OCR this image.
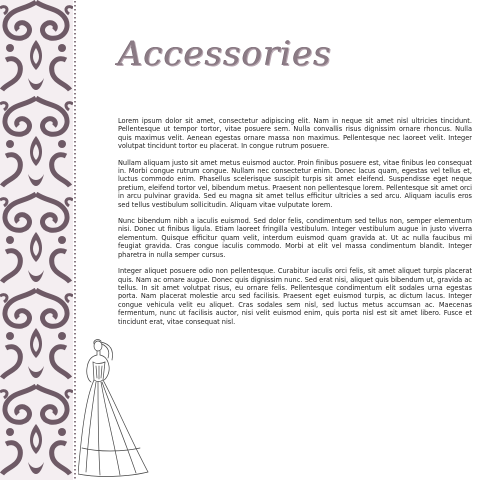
Accessories

Lorem ipsum dolor sit amet, consectetur adipiscing elit. Nam in neque sit amet nisl ultricies tincidunt. Pellentesque ut tempor tortor, vitae posuere sem. Nulla convallis risus dignissim ornare rhoncus. Nulla quis maximus velit. Aenean egestas ornare massa non maximus. Pellentesque nec laoreet velit. Integer volutpat tincidunt tortor eu placerat. In congue rutrum posuere.

Nullam aliquam justo sit amet metus euismod auctor. Proin finibus posuere est, vitae finibus leo consequat in. Morbi congue rutrum congue. Nullam nec consectetur enim. Donec lacus quam, egestas vel tellus et, luctus commodo enim. Phasellus scelerisque suscipit turpis sit amet eleifend. Suspendisse eget neque pretium, eleifend tortor vel, bibendum metus. Praesent non pellentesque lorem. Pellentesque sit amet orci in arcu pulvinar gravida. Sed eu magna sit amet tellus efficitur ultricies a sed arcu. Aliquam iaculis eros sed tellus vestibulum sollicitudin. Aliquam vitae vulputate lorem.

Nunc bibendum nibh a iaculis euismod. Sed dolor felis, condimentum sed tellus non, semper elementum nisi. Donec ut finibus ligula. Etiam laoreet fringilla vestibulum. Integer vestibulum augue in justo viverra elementum. Quisque efficitur quam velit, interdum euismod quam gravida at. Ut ac nulla faucibus mi feugiat gravida. Cras congue iaculis commodo. Morbi at elit vel massa condimentum blandit. Integer pharetra in nulla semper cursus.

Integer aliquet posuere odio non pellentesque. Curabitur iaculis orci felis, sit amet aliquet turpis placerat quis. Nam ac ornare augue. Donec quis dignissim nunc. Sed erat nisi, aliquet quis bibendum ut, gravida ac tellus. In sit amet volutpat risus, eu ornare felis. Pellentesque condimentum elit sodales urna egestas porta. Nam placerat molestie arcu sed facilisis. Praesent eget euismod turpis, ac dictum lacus. Integer congue vehicula velit eu aliquet. Cras sodales sem nisl, sed luctus metus accumsan ac. Maecenas fermentum, nunc ut facilisis auctor, nisi velit euismod enim, quis porta nisl est sit amet libero. Fusce et tincidunt erat, vitae consequat nisl.
